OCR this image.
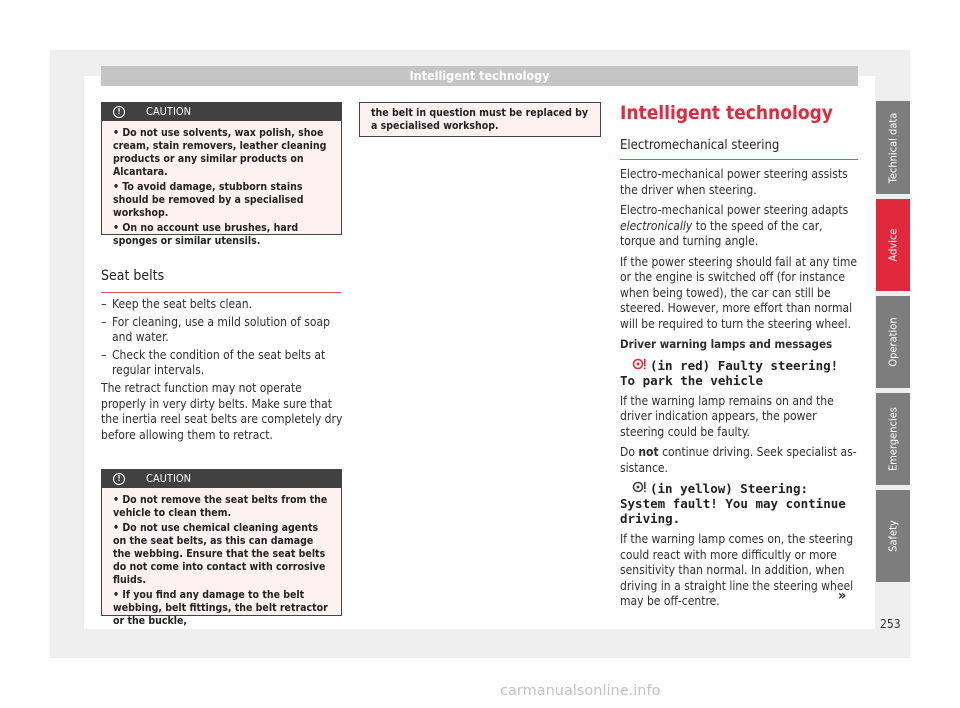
Intelligent technology
!	CAUTION
• Do not use solvents, wax polish, shoe cream, stain removers, leather cleaning products or any similar products on Alcantara.
• To avoid damage, stubborn stains should be removed by a specialised workshop.
• On no account use brushes, hard sponges or similar utensils.
Seat belts
– Keep the seat belts clean.
– For cleaning, use a mild solution of soap and water.
– Check the condition of the seat belts at regular intervals.
The retract function may not operate properly in very dirty belts. Make sure that the inertia reel seat belts are completely dry before allowing them to retract.
!	CAUTION
• Do not remove the seat belts from the vehicle to clean them.
• Do not use chemical cleaning agents on the seat belts, as this can damage the webbing. Ensure that the seat belts do not come into contact with corrosive fluids.
• If you find any damage to the belt webbing, belt fittings, the belt retractor or the buckle,
the belt in question must be replaced by a specialised workshop.
Intelligent technology
Electromechanical steering

Electro-mechanical power steering assists the driver when steering.

Electro-mechanical power steering adapts electronically to the speed of the car, torque and turning angle.

If the power steering should fail at any time or the engine is switched off (for instance when being towed), the car can still be steered. However, more effort than normal will be required to turn the steering wheel.

Driver warning lamps and messages

(in red) Faulty steering! To park the vehicle

If the warning lamp remains on and the driver indication appears, the power steering could be faulty.

Do not continue driving. Seek specialist assistance.

(in yellow) Steering: System fault! You may continue driving.

If the warning lamp comes on, the steering could react with more difficultly or more sensitivity than normal. In addition, when driving in a straight line the steering wheel may be off-centre.	»
Technical data
Advice
Operation
Emergencies
Safety
253
carmanualsonline.info
